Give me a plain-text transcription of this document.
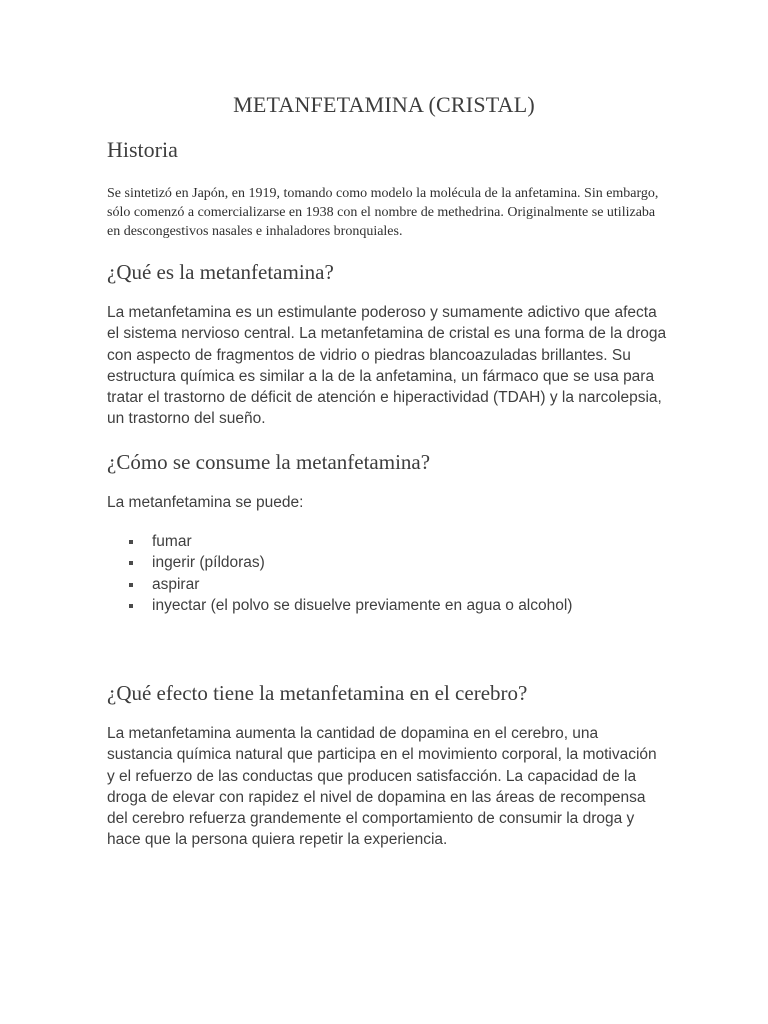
METANFETAMINA (CRISTAL)
Historia

Se sintetizó en Japón, en 1919, tomando como modelo la molécula de la anfetamina. Sin embargo, sólo comenzó a comercializarse en 1938 con el nombre de methedrina. Originalmente se utilizaba en descongestivos nasales e inhaladores bronquiales.

¿Qué es la metanfetamina?

La metanfetamina es un estimulante poderoso y sumamente adictivo que afecta el sistema nervioso central. La metanfetamina de cristal es una forma de la droga con aspecto de fragmentos de vidrio o piedras blancoazuladas brillantes. Su estructura química es similar a la de la anfetamina, un fármaco que se usa para tratar el trastorno de déficit de atención e hiperactividad (TDAH) y la narcolepsia, un trastorno del sueño.

¿Cómo se consume la metanfetamina?

La metanfetamina se puede:

fumar
ingerir (píldoras)
aspirar
inyectar (el polvo se disuelve previamente en agua o alcohol)
¿Qué efecto tiene la metanfetamina en el cerebro?

La metanfetamina aumenta la cantidad de dopamina en el cerebro, una sustancia química natural que participa en el movimiento corporal, la motivación y el refuerzo de las conductas que producen satisfacción. La capacidad de la droga de elevar con rapidez el nivel de dopamina en las áreas de recompensa del cerebro refuerza grandemente el comportamiento de consumir la droga y hace que la persona quiera repetir la experiencia.
